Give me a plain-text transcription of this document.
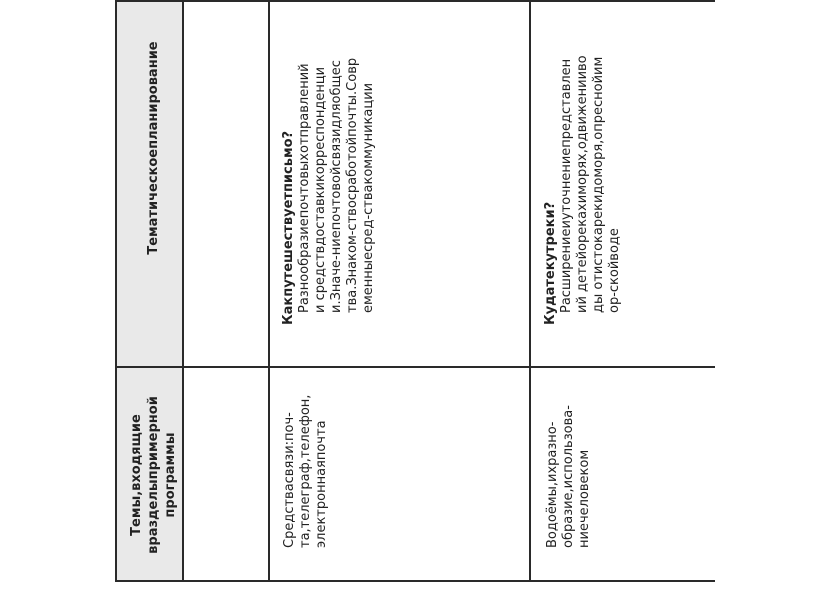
Темы,входящие вразделыпримерной программы
Тематическоепланирование
Средствасвязи:поч-та,телеграф,телефон, электроннаяпочта
Какпутешествуетписьмо? Разнообразиепочтовыхотправленийи средствдоставкикорреспонденции.Значе-ниепочтовойсвязидляобщества.Знаком-ствосработойпочты.Современныесред-ствакоммуникации
Водоёмы,ихразно-образие,использова-ниечеловеком
Кудатекутреки? Расширениеиуточнениепредставлений детейорекахиморях,одвиженииводы отистокарекидоморя,опреснойимор-скойводе
